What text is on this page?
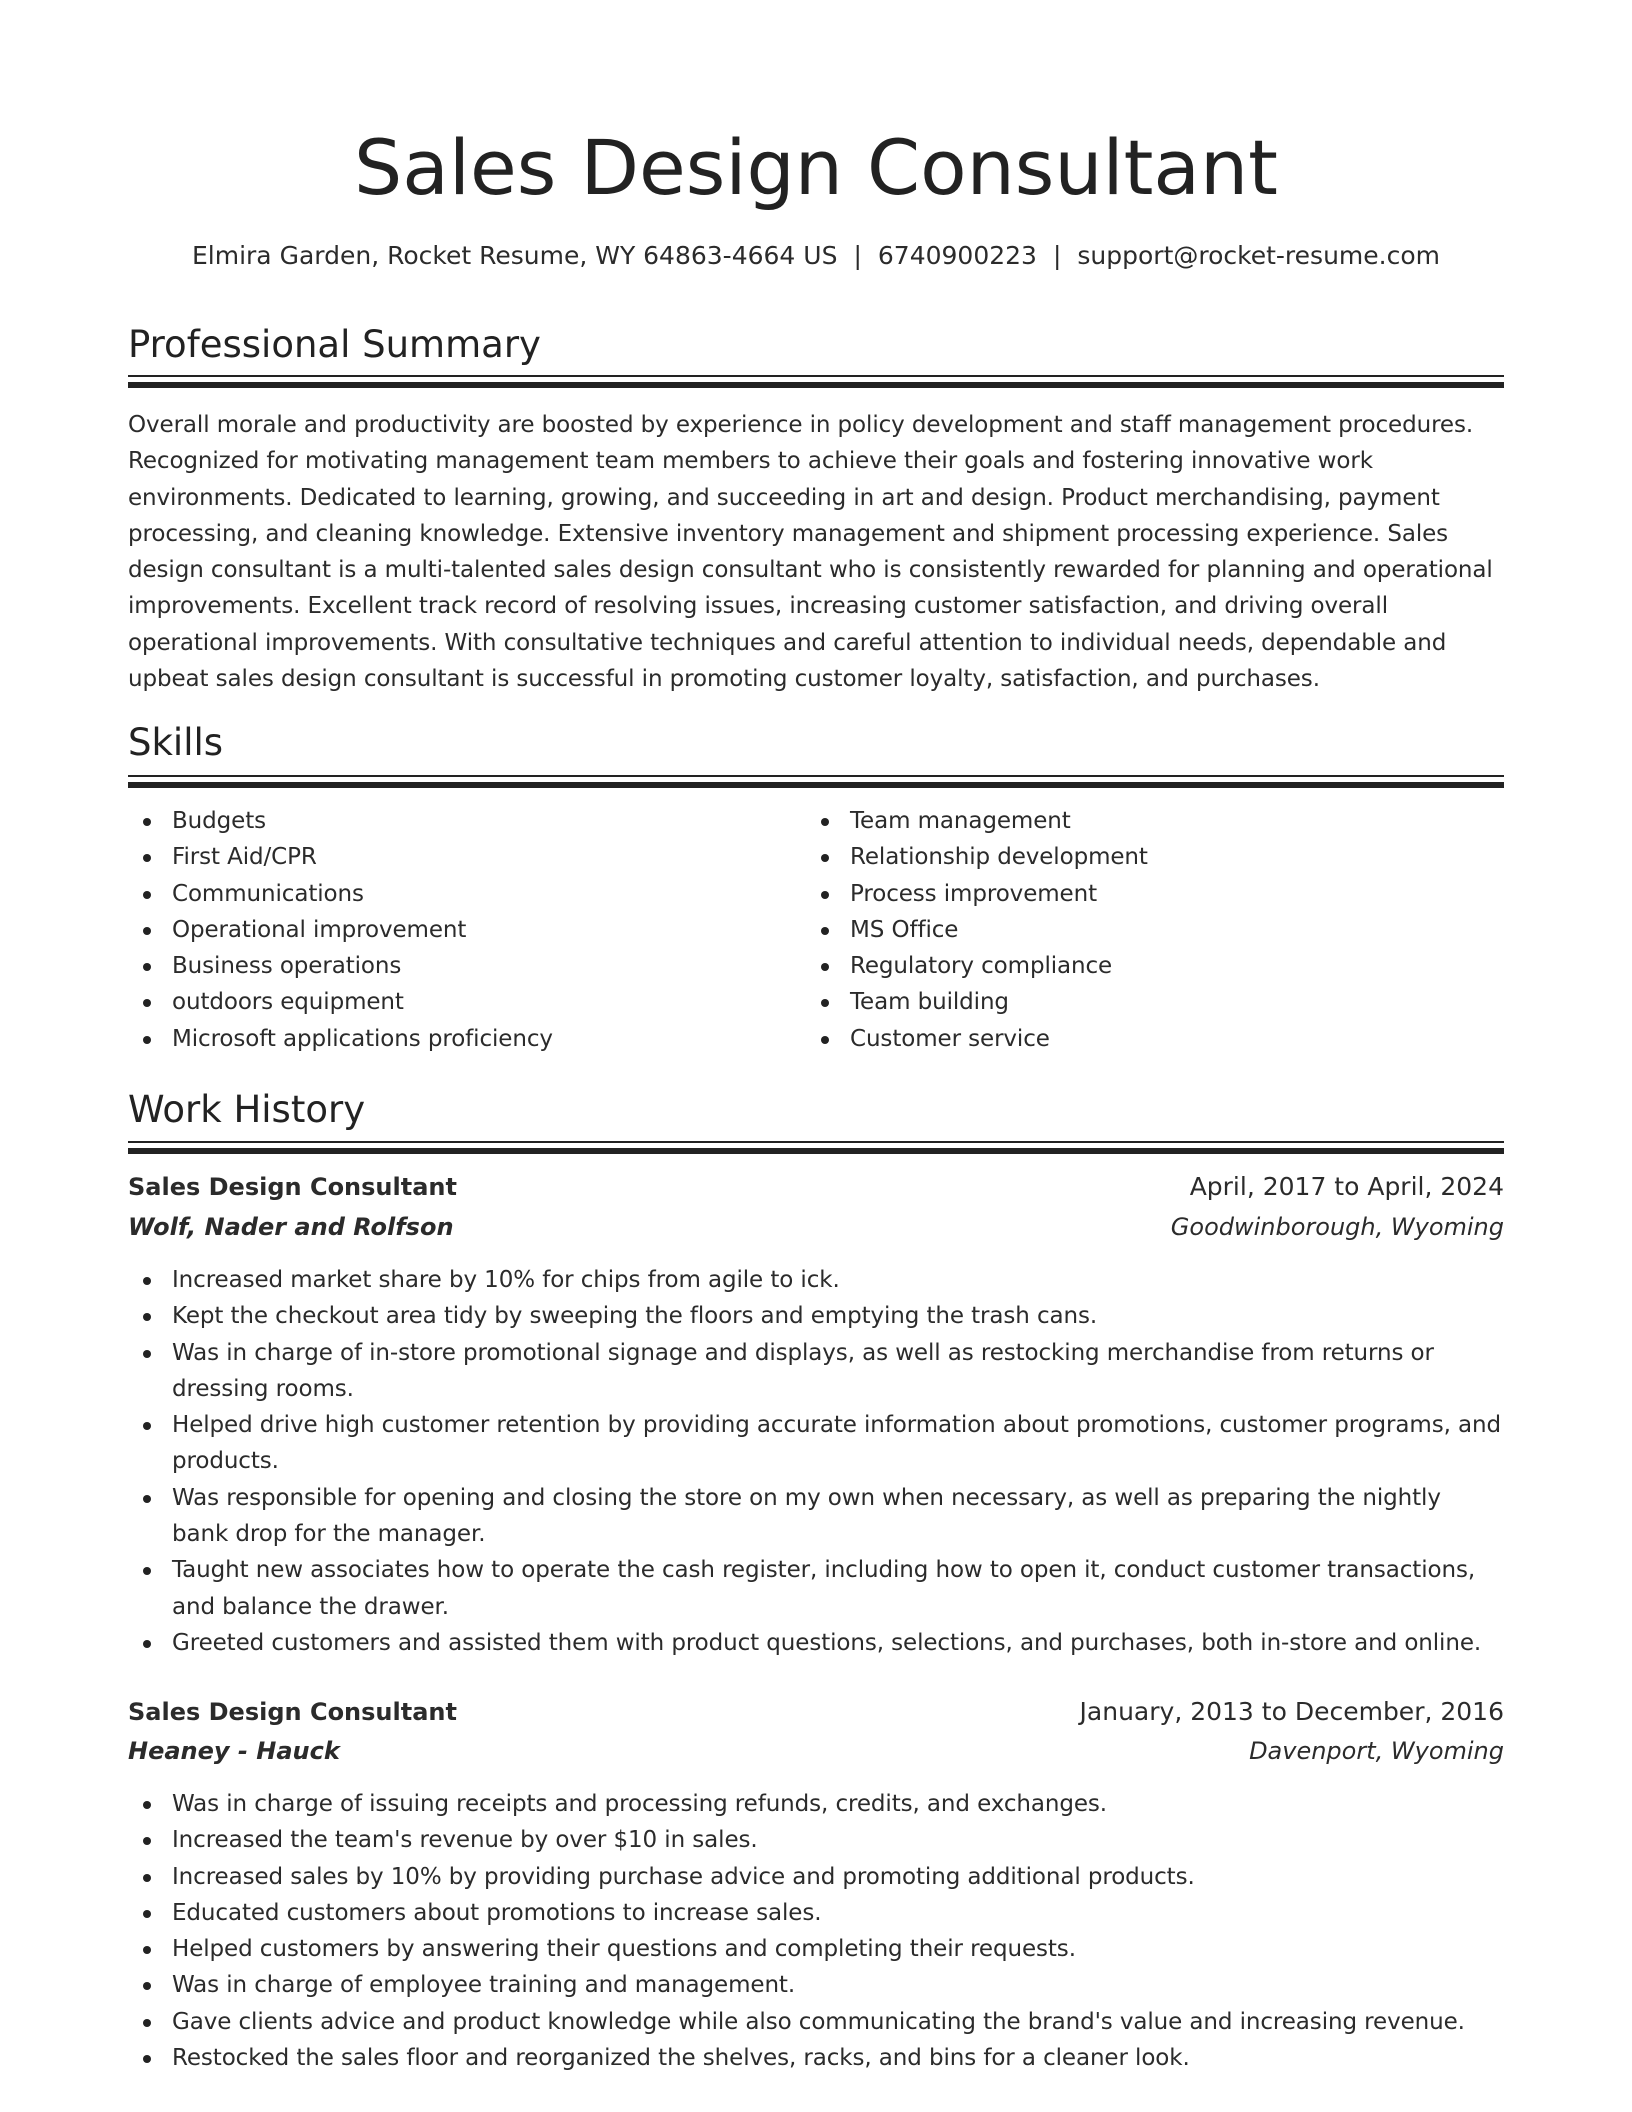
Sales Design Consultant
Elmira Garden, Rocket Resume, WY 64863-4664 US | 6740900223 | support@rocket-resume.com
Professional Summary

Overall morale and productivity are boosted by experience in policy development and staff management procedures. Recognized for motivating management team members to achieve their goals and fostering innovative work environments. Dedicated to learning, growing, and succeeding in art and design. Product merchandising, payment processing, and cleaning knowledge. Extensive inventory management and shipment processing experience. Sales design consultant is a multi-talented sales design consultant who is consistently rewarded for planning and operational improvements. Excellent track record of resolving issues, increasing customer satisfaction, and driving overall operational improvements. With consultative techniques and careful attention to individual needs, dependable and upbeat sales design consultant is successful in promoting customer loyalty, satisfaction, and purchases.

Skills
Budgets
First Aid/CPR
Communications
Operational improvement
Business operations
outdoors equipment
Microsoft applications proficiency
Team management
Relationship development
Process improvement
MS Office
Regulatory compliance
Team building
Customer service
Work History
Sales Design Consultant	April, 2017 to April, 2024
Wolf, Nader and Rolfson	Goodwinborough, Wyoming
Increased market share by 10% for chips from agile to ick.
Kept the checkout area tidy by sweeping the floors and emptying the trash cans.
Was in charge of in-store promotional signage and displays, as well as restocking merchandise from returns or dressing rooms.
Helped drive high customer retention by providing accurate information about promotions, customer programs, and products.
Was responsible for opening and closing the store on my own when necessary, as well as preparing the nightly bank drop for the manager.
Taught new associates how to operate the cash register, including how to open it, conduct customer transactions, and balance the drawer.
Greeted customers and assisted them with product questions, selections, and purchases, both in-store and online.
Sales Design Consultant	January, 2013 to December, 2016
Heaney - Hauck	Davenport, Wyoming
Was in charge of issuing receipts and processing refunds, credits, and exchanges.
Increased the team's revenue by over $10 in sales.
Increased sales by 10% by providing purchase advice and promoting additional products.
Educated customers about promotions to increase sales.
Helped customers by answering their questions and completing their requests.
Was in charge of employee training and management.
Gave clients advice and product knowledge while also communicating the brand's value and increasing revenue.
Restocked the sales floor and reorganized the shelves, racks, and bins for a cleaner look.
